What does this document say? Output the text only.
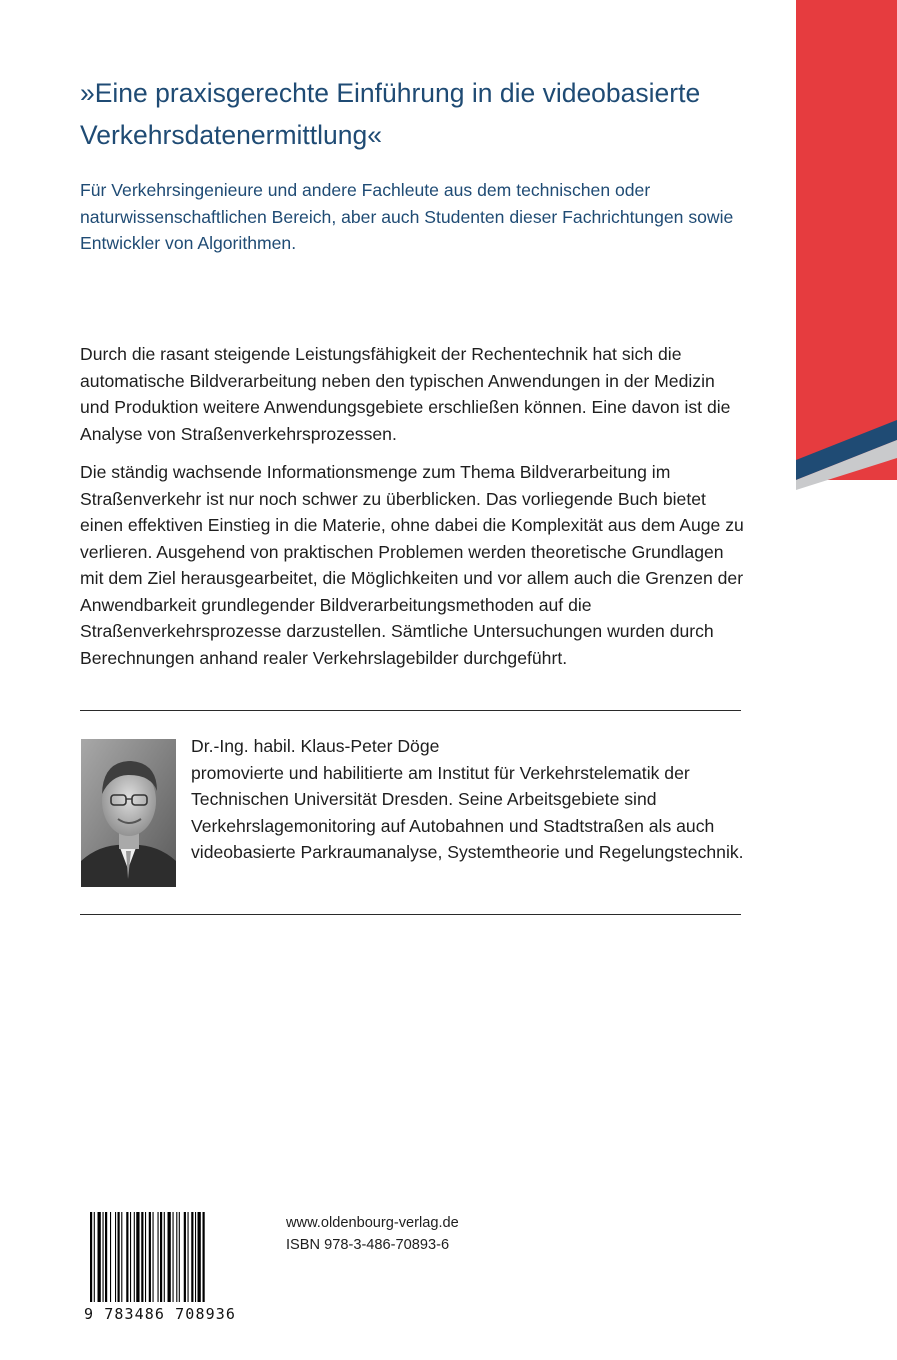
»Eine praxisgerechte Einführung in die videobasierte Verkehrsdatenermittlung«

Für Verkehrsingenieure und andere Fachleute aus dem technischen oder naturwissenschaftlichen Bereich, aber auch Studenten dieser Fachrichtungen sowie Entwickler von Algorithmen.

Durch die rasant steigende Leistungsfähigkeit der Rechentechnik hat sich die automatische Bildverarbeitung neben den typischen Anwendungen in der Medizin und Produktion weitere Anwendungsgebiete erschließen können. Eine davon ist die Analyse von Straßenverkehrsprozessen.

Die ständig wachsende Informationsmenge zum Thema Bildverarbeitung im Straßenverkehr ist nur noch schwer zu überblicken. Das vorliegende Buch bietet einen effektiven Einstieg in die Materie, ohne dabei die Komplexität aus dem Auge zu verlieren. Ausgehend von praktischen Problemen werden theoretische Grundlagen mit dem Ziel herausgearbeitet, die Möglichkeiten und vor allem auch die Grenzen der Anwendbarkeit grundlegender Bildverarbeitungsmethoden auf die Straßenverkehrsprozesse darzustellen. Sämtliche Untersuchungen wurden durch Berechnungen anhand realer Verkehrslagebilder durchgeführt.

Dr.-Ing. habil. Klaus-Peter Döge
promovierte und habilitierte am Institut für Verkehrstelematik der Technischen Universität Dresden. Seine Arbeitsgebiete sind Verkehrslagemonitoring auf Autobahnen und Stadtstraßen als auch videobasierte Parkraumanalyse, Systemtheorie und Regelungstechnik.
9 783486 708936
www.oldenbourg-verlag.de
ISBN 978-3-486-70893-6
